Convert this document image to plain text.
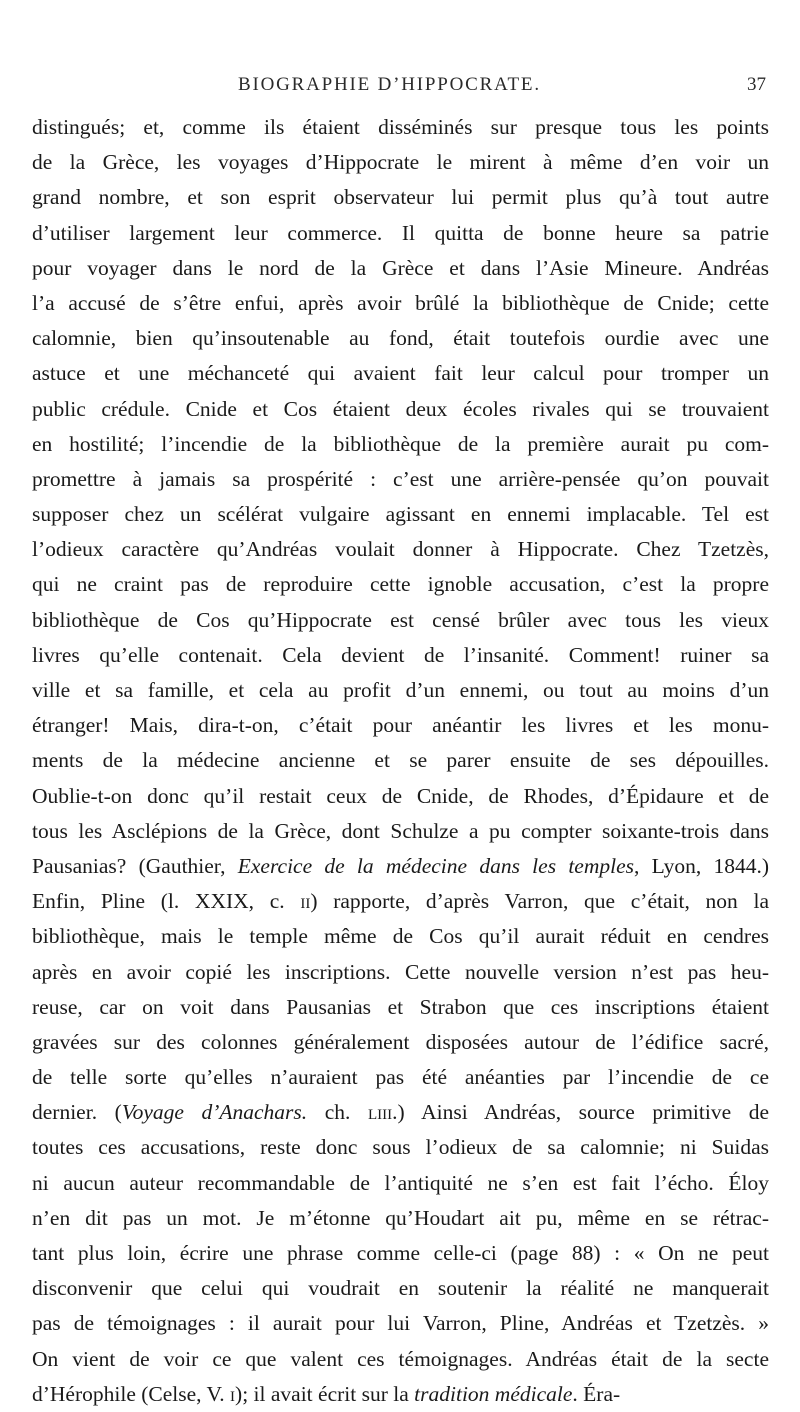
BIOGRAPHIE D’HIPPOCRATE.	37
distingués; et, comme ils étaient disséminés sur presque tous les points
de la Grèce, les voyages d’Hippocrate le mirent à même d’en voir un
grand nombre, et son esprit observateur lui permit plus qu’à tout autre
d’utiliser largement leur commerce. Il quitta de bonne heure sa patrie
pour voyager dans le nord de la Grèce et dans l’Asie Mineure. Andréas
l’a accusé de s’être enfui, après avoir brûlé la bibliothèque de Cnide; cette
calomnie, bien qu’insoutenable au fond, était toutefois ourdie avec une
astuce et une méchanceté qui avaient fait leur calcul pour tromper un
public crédule. Cnide et Cos étaient deux écoles rivales qui se trouvaient
en hostilité; l’incendie de la bibliothèque de la première aurait pu com-
promettre à jamais sa prospérité : c’est une arrière-pensée qu’on pouvait
supposer chez un scélérat vulgaire agissant en ennemi implacable. Tel est
l’odieux caractère qu’Andréas voulait donner à Hippocrate. Chez Tzetzès,
qui ne craint pas de reproduire cette ignoble accusation, c’est la propre
bibliothèque de Cos qu’Hippocrate est censé brûler avec tous les vieux
livres qu’elle contenait. Cela devient de l’insanité. Comment! ruiner sa
ville et sa famille, et cela au profit d’un ennemi, ou tout au moins d’un
étranger! Mais, dira-t-on, c’était pour anéantir les livres et les monu-
ments de la médecine ancienne et se parer ensuite de ses dépouilles.
Oublie-t-on donc qu’il restait ceux de Cnide, de Rhodes, d’Épidaure et de
tous les Asclépions de la Grèce, dont Schulze a pu compter soixante-trois dans
Pausanias? (Gauthier, Exercice de la médecine dans les temples, Lyon, 1844.)
Enfin, Pline (l. XXIX, c. ii) rapporte, d’après Varron, que c’était, non la
bibliothèque, mais le temple même de Cos qu’il aurait réduit en cendres
après en avoir copié les inscriptions. Cette nouvelle version n’est pas heu-
reuse, car on voit dans Pausanias et Strabon que ces inscriptions étaient
gravées sur des colonnes généralement disposées autour de l’édifice sacré,
de telle sorte qu’elles n’auraient pas été anéanties par l’incendie de ce
dernier. (Voyage d’Anachars. ch. liii.) Ainsi Andréas, source primitive de
toutes ces accusations, reste donc sous l’odieux de sa calomnie; ni Suidas
ni aucun auteur recommandable de l’antiquité ne s’en est fait l’écho. Éloy
n’en dit pas un mot. Je m’étonne qu’Houdart ait pu, même en se rétrac-
tant plus loin, écrire une phrase comme celle-ci (page 88) : « On ne peut
disconvenir que celui qui voudrait en soutenir la réalité ne manquerait
pas de témoignages : il aurait pour lui Varron, Pline, Andréas et Tzetzès. »
On vient de voir ce que valent ces témoignages. Andréas était de la secte
d’Hérophile (Celse, V. i); il avait écrit sur la tradition médicale. Éra-
